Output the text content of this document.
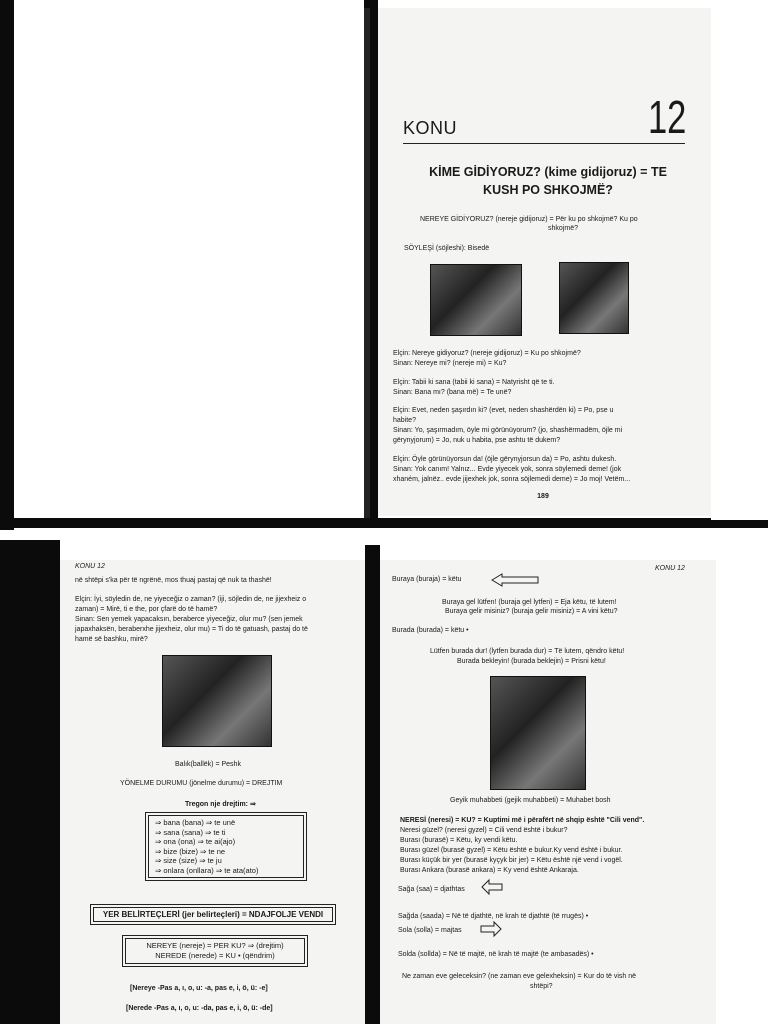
KONU	12
KİME GİDİYORUZ? (kime gidijoruz) = TE
KUSH PO SHKOJMË?
NEREYE GİDİYORUZ? (nereje gidijoruz) = Për ku po shkojmë? Ku po
shkojmë?
SÖYLEŞİ (söjleshi): Bisedë
Elçin: Nereye gidiyoruz? (nereje gidijoruz) = Ku po shkojmë?
Sinan: Nereye mi? (nereje mi) = Ku?
Elçin: Tabii ki sana (tabii ki sana) = Natyrisht që te ti.
Sinan: Bana mı? (bana më) = Te unë?
Elçin: Evet, neden şaşırdın ki? (evet, neden shashërdën ki) = Po, pse u
habite?
Sinan: Yo, şaşırmadım, öyle mi görünüyorum? (jo, shashërmadëm, öjle mi
gërynyjorum) = Jo, nuk u habita, pse ashtu të dukem?
Elçin: Öyle görünüyorsun da! (öjle gërynyjorsun da) = Po, ashtu dukesh.
Sinan: Yok canım! Yalnız... Evde yiyecek yok, sonra söylemedi deme! (jok
xhaném, jalnëz.. evde jijexhek jok, sonra söjlemedi deme) = Jo moj! Vetëm...
189
KONU 12
në shtëpi s'ka për të ngrënë, mos thuaj pastaj që nuk ta thashë!
Elçin: İyi, söyledin de, ne yiyeceğiz o zaman? (iji, söjledin de, ne jijexheiz o
zaman) = Mirë, ti e the, por çfarë do të hamë?
Sinan: Sen yemek yapacaksın, beraberce yiyeceğiz, olur mu? (sen jemek
japaxhaksën, beraberxhe jijexheiz, olur mu) = Ti do të gatuash, pastaj do të
hamë së bashku, mirë?
Balık(ballëk) = Peshk
YÖNELME DURUMU (jönelme durumu) = DREJTIM
Tregon nje drejtim: ⇒
⇒ bana (bana) ⇒ te unë
⇒ sana (sana) ⇒ te ti
⇒ ona (ona) ⇒ te ai(ajo)
⇒ bize (bize) ⇒ te ne
⇒ size (size) ⇒ te ju
⇒ onlara (onllara) ⇒ te ata(ato)
YER BELİRTEÇLERİ (jer belirteçleri) = NDAJFOLJE VENDI
NEREYE (nereje) = PER KU? ⇒ (drejtim)
NEREDE (nerede) = KU • (qëndrim)
[Nereye -Pas a, ı, o, u: -a, pas e, i, ö, ü: -e]
[Nerede -Pas a, ı, o, u: -da, pas e, i, ö, ü: -de]
KONU 12
Buraya (buraja) = këtu
Buraya gel lütfen! (buraja gel lytfen) = Eja këtu, të lutem!
Buraya gelir misiniz? (buraja gelir misiniz) = A vini këtu?
Burada (burada) = këtu •
Lütfen burada dur! (lytfen burada dur) = Të lutem, qëndro këtu!
Burada bekleyin! (burada beklejin) = Prisni këtu!
Geyik muhabbeti (gejik muhabbeti) = Muhabet bosh
NERESİ (neresi) = KU? = Kuptimi më i përafërt në shqip është "Cili vend".
Neresi güzel? (neresi gyzel) = Cili vend është i bukur?
Burası (burasë) = Këtu, ky vendi këtu.
Burası güzel (burasë gyzel) = Këtu është e bukur.Ky vend është i bukur.
Burası küçük bir yer (burasë kyçyk bir jer) = Këtu është një vend i vogël.
Burası Ankara (burasë ankara) = Ky vend është Ankaraja.
Sağa (saa) = djathtas
Sağda (saada) = Në të djathtë, në krah të djathtë (të rrugës) •
Sola (solla) = majtas
Solda (sollda) = Në të majtë, në krah të majtë (te ambasadës) •
Ne zaman eve geleceksin? (ne zaman eve gelexheksin) = Kur do të vish në
shtëpi?
